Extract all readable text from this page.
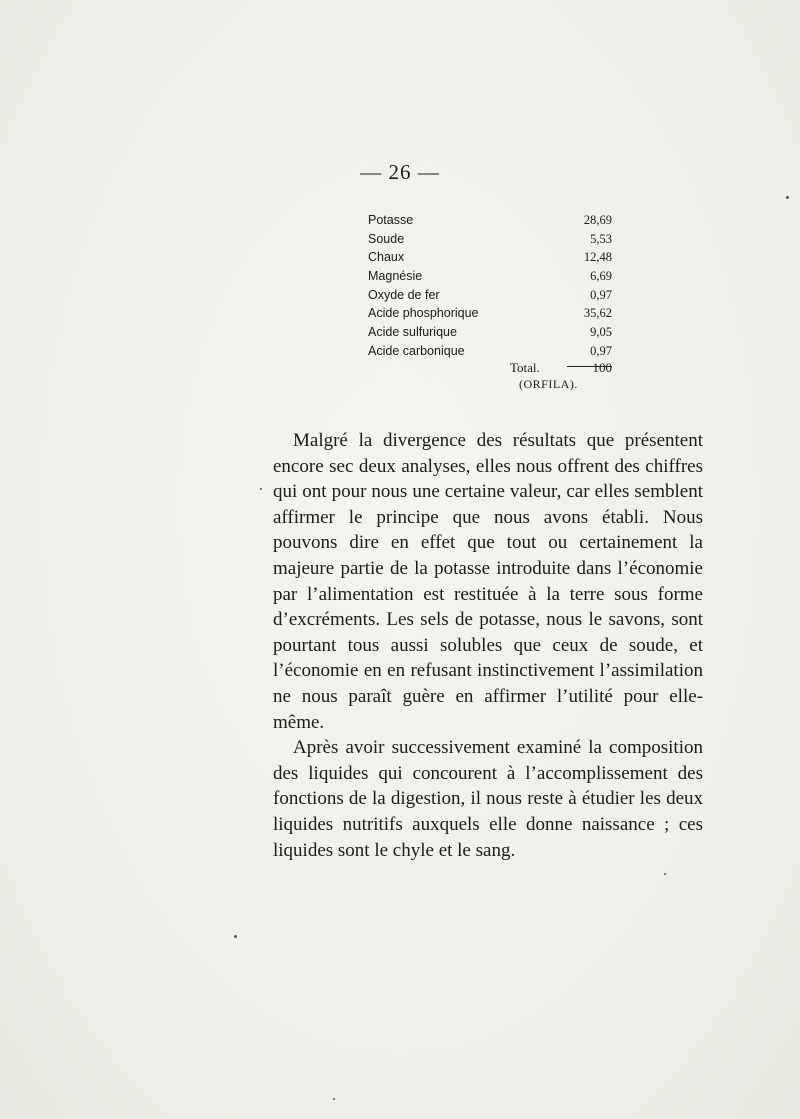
— 26 —
Potasse	28,69
Soude	5,53
Chaux	12,48
Magnésie	6,69
Oxyde de fer	0,97
Acide phosphorique	35,62
Acide sulfurique	9,05
Acide carbonique	0,97
Total.	100
(ORFILA).

Malgré la divergence des résultats que présentent encore sec deux analyses, elles nous offrent des chiffres qui ont pour nous une certaine valeur, car elles semblent affirmer le principe que nous avons établi. Nous pouvons dire en effet que tout ou certainement la majeure partie de la potasse introduite dans l’économie par l’alimentation est restituée à la terre sous forme d’excréments. Les sels de potasse, nous le savons, sont pourtant tous aussi solubles que ceux de soude, et l’économie en en refusant instinctivement l’assimilation ne nous paraît guère en affirmer l’utilité pour elle-même.

Après avoir successivement examiné la composition des liquides qui concourent à l’accomplissement des fonctions de la digestion, il nous reste à étudier les deux liquides nutritifs auxquels elle donne naissance ; ces liquides sont le chyle et le sang.
